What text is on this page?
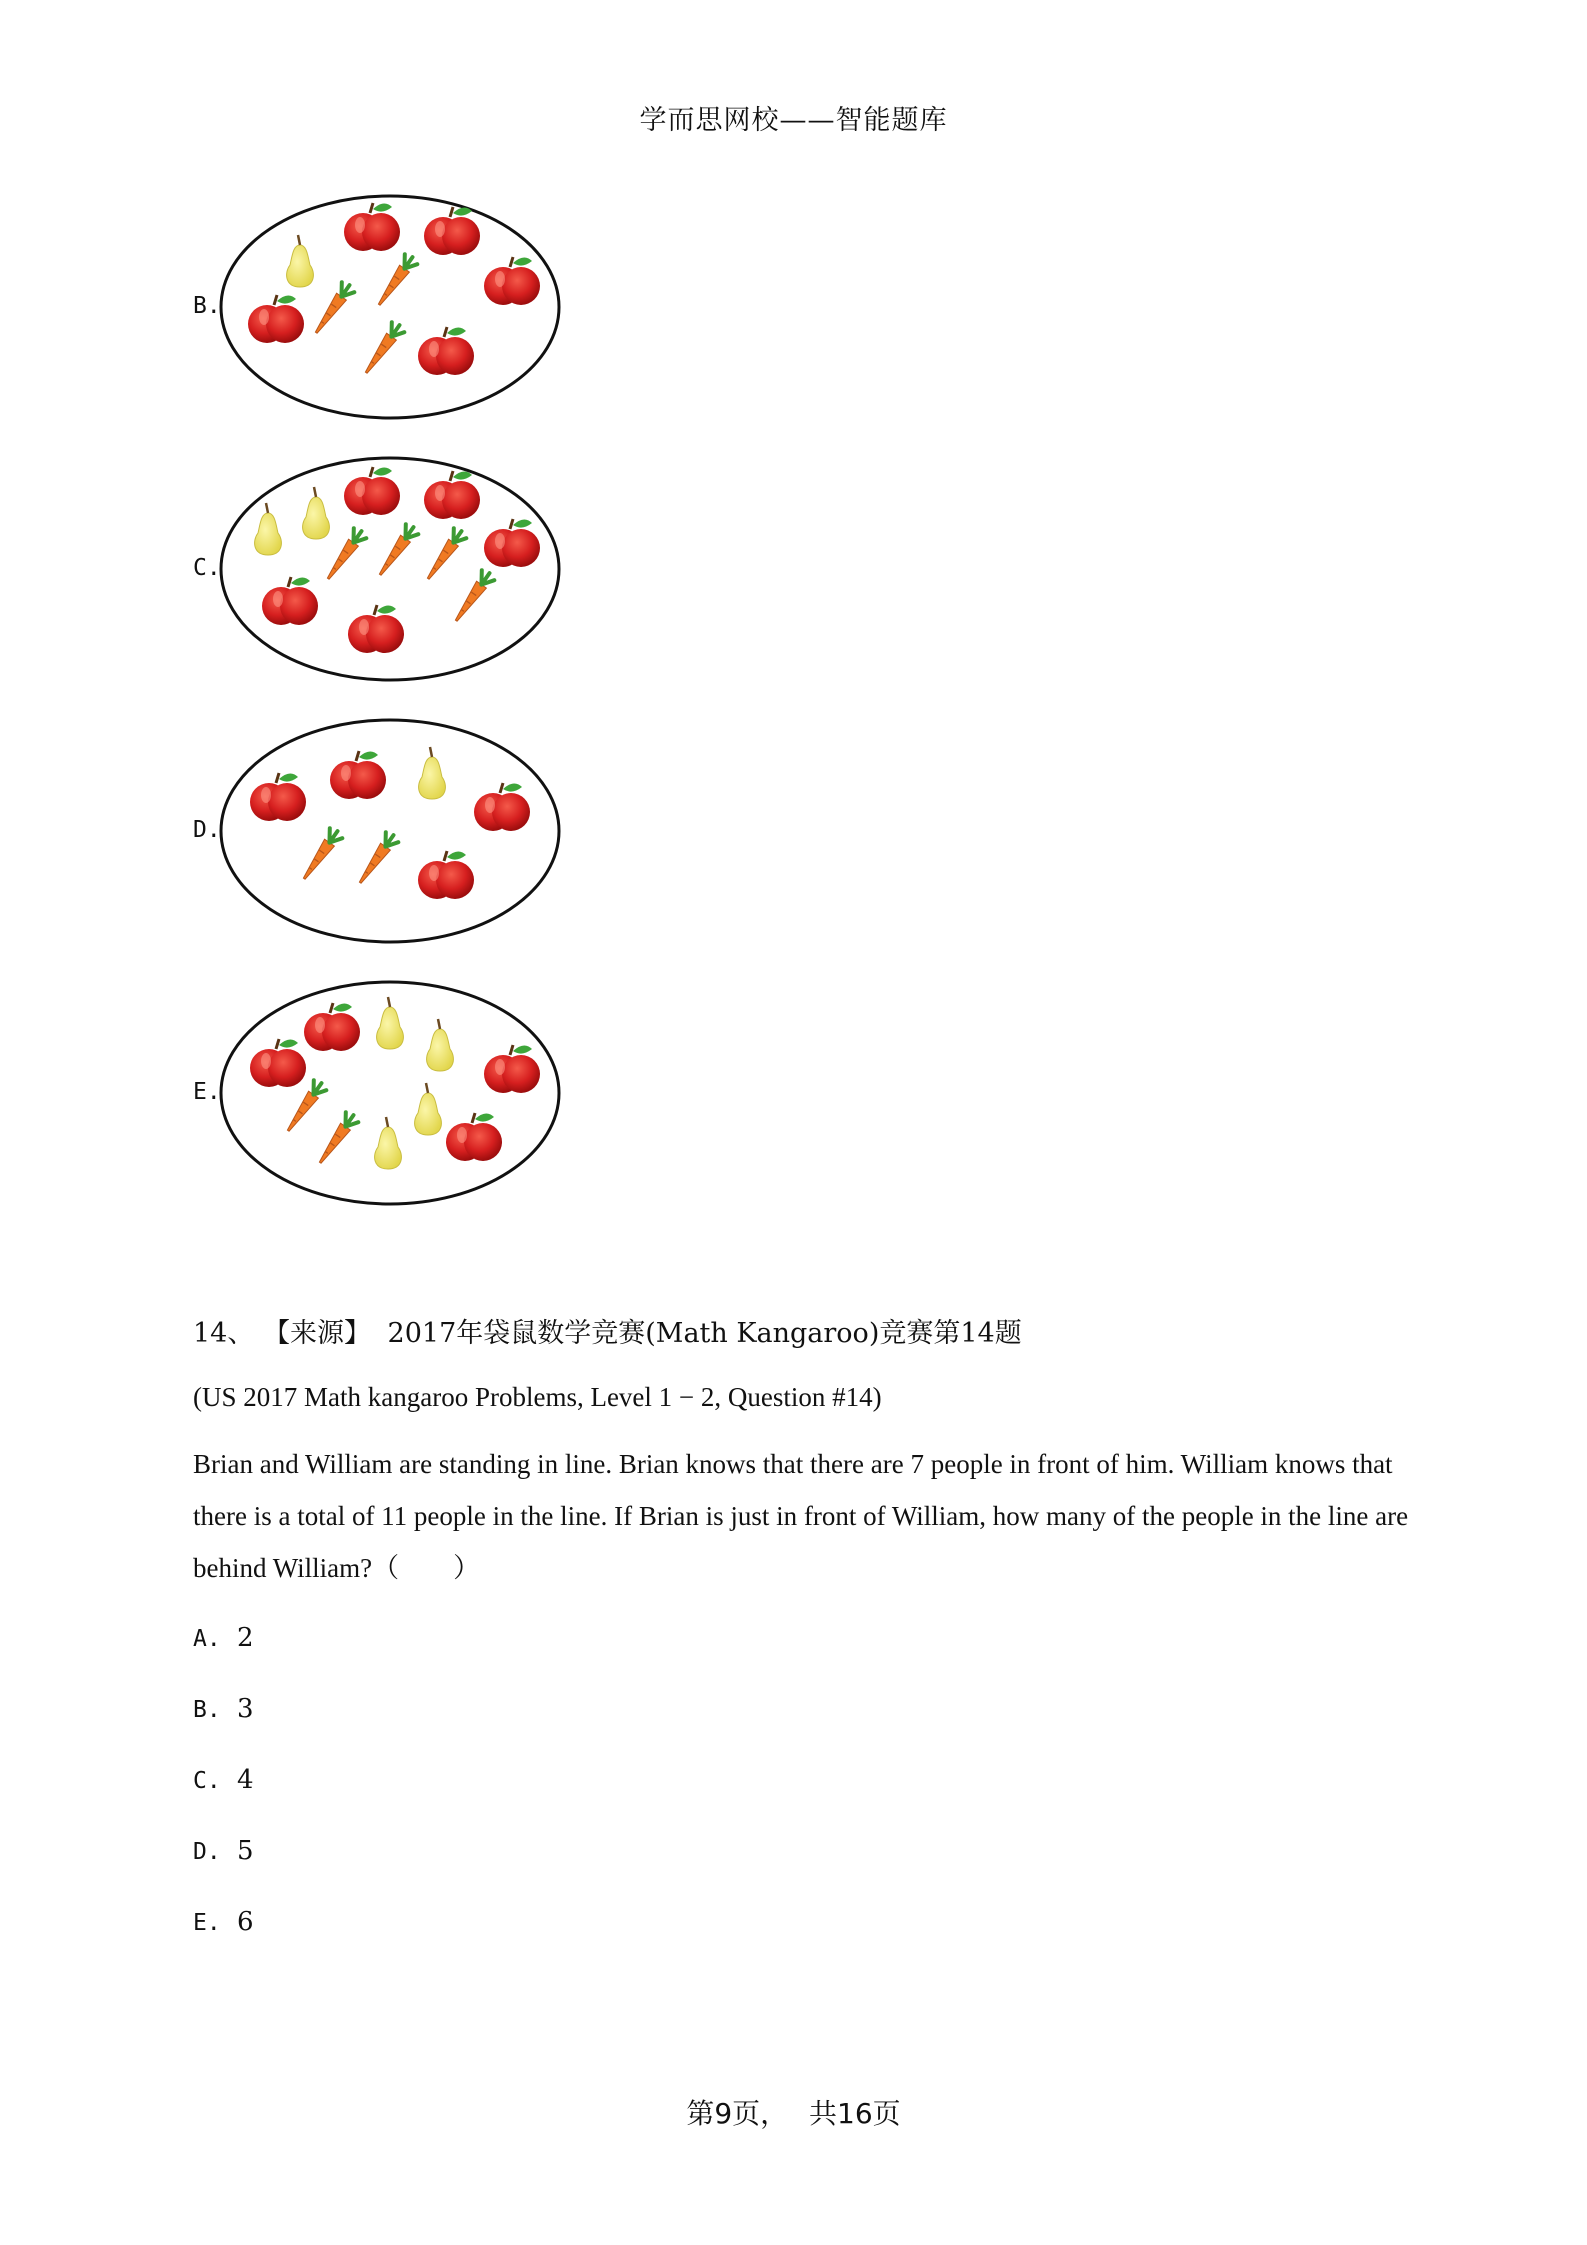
学而思网校——智能题库
B.
C.
D.
E.
14、 【来源】 2017年袋鼠数学竞赛(Math Kangaroo)竞赛第14题
(US 2017 Math kangaroo Problems, Level 1 − 2, Question #14)
Brian and William are standing in line. Brian knows that there are 7 people in front of him. William knows that there is a total of 11 people in the line. If Brian is just in front of William, how many of the people in the line are behind William?（　　）
A. 2
B. 3
C. 4
D. 5
E. 6
第9页， 共16页
